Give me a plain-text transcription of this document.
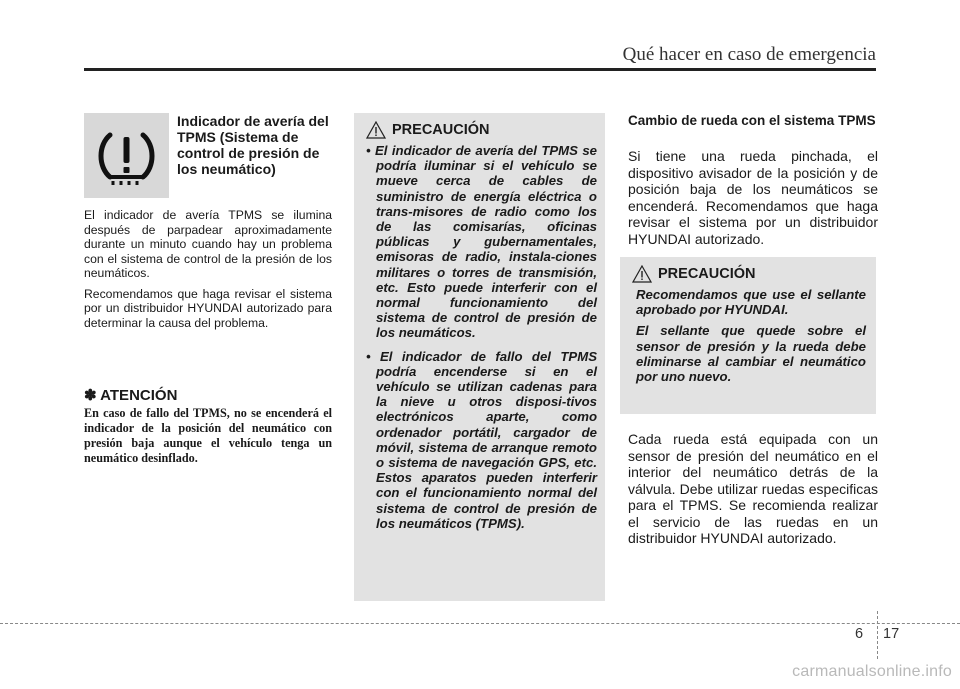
Qué hacer en caso de emergencia
Indicador de avería del TPMS (Sistema de control de presión de los neumático)

El indicador de avería TPMS se ilumina después de parpadear aproximadamente durante un minuto cuando hay un problema con el sistema de control de la presión de los neumáticos.

Recomendamos que haga revisar el sistema por un distribuidor HYUNDAI autorizado para determinar la causa del problema.

✽ ATENCIÓN
En caso de fallo del TPMS, no se encenderá el indicador de la posición del neumático con presión baja aunque el vehículo tenga un neumático desinflado.
PRECAUCIÓN
• El indicador de avería del TPMS se podría iluminar si el vehículo se mueve cerca de cables de suministro de energía eléctrica o trans-misores de radio como los de las comisarías, oficinas públicas y gubernamentales, emisoras de radio, instala-ciones militares o torres de transmisión, etc. Esto puede interferir con el normal funcionamiento del sistema de control de presión de los neumáticos.
• El indicador de fallo del TPMS podría encenderse si en el vehículo se utilizan cadenas para la nieve u otros disposi-tivos electrónicos aparte, como ordenador portátil, cargador de móvil, sistema de arranque remoto o sistema de navegación GPS, etc. Estos aparatos pueden interferir con el funcionamiento normal del sistema de control de presión de los neumáticos (TPMS).
Cambio de rueda con el sistema TPMS
Si tiene una rueda pinchada, el dispositivo avisador de la posición y de posición baja de los neumáticos se encenderá. Recomendamos que haga revisar el sistema por un distribuidor HYUNDAI autorizado.
PRECAUCIÓN

Recomendamos que use el sellante aprobado por HYUNDAI.

El sellante que quede sobre el sensor de presión y la rueda debe eliminarse al cambiar el neumático por uno nuevo.

Cada rueda está equipada con un sensor de presión del neumático en el interior del neumático detrás de la válvula. Debe utilizar ruedas especificas para el TPMS. Se recomienda realizar el servicio de las ruedas en un distribuidor HYUNDAI autorizado.
6 17
carmanualsonline.info
